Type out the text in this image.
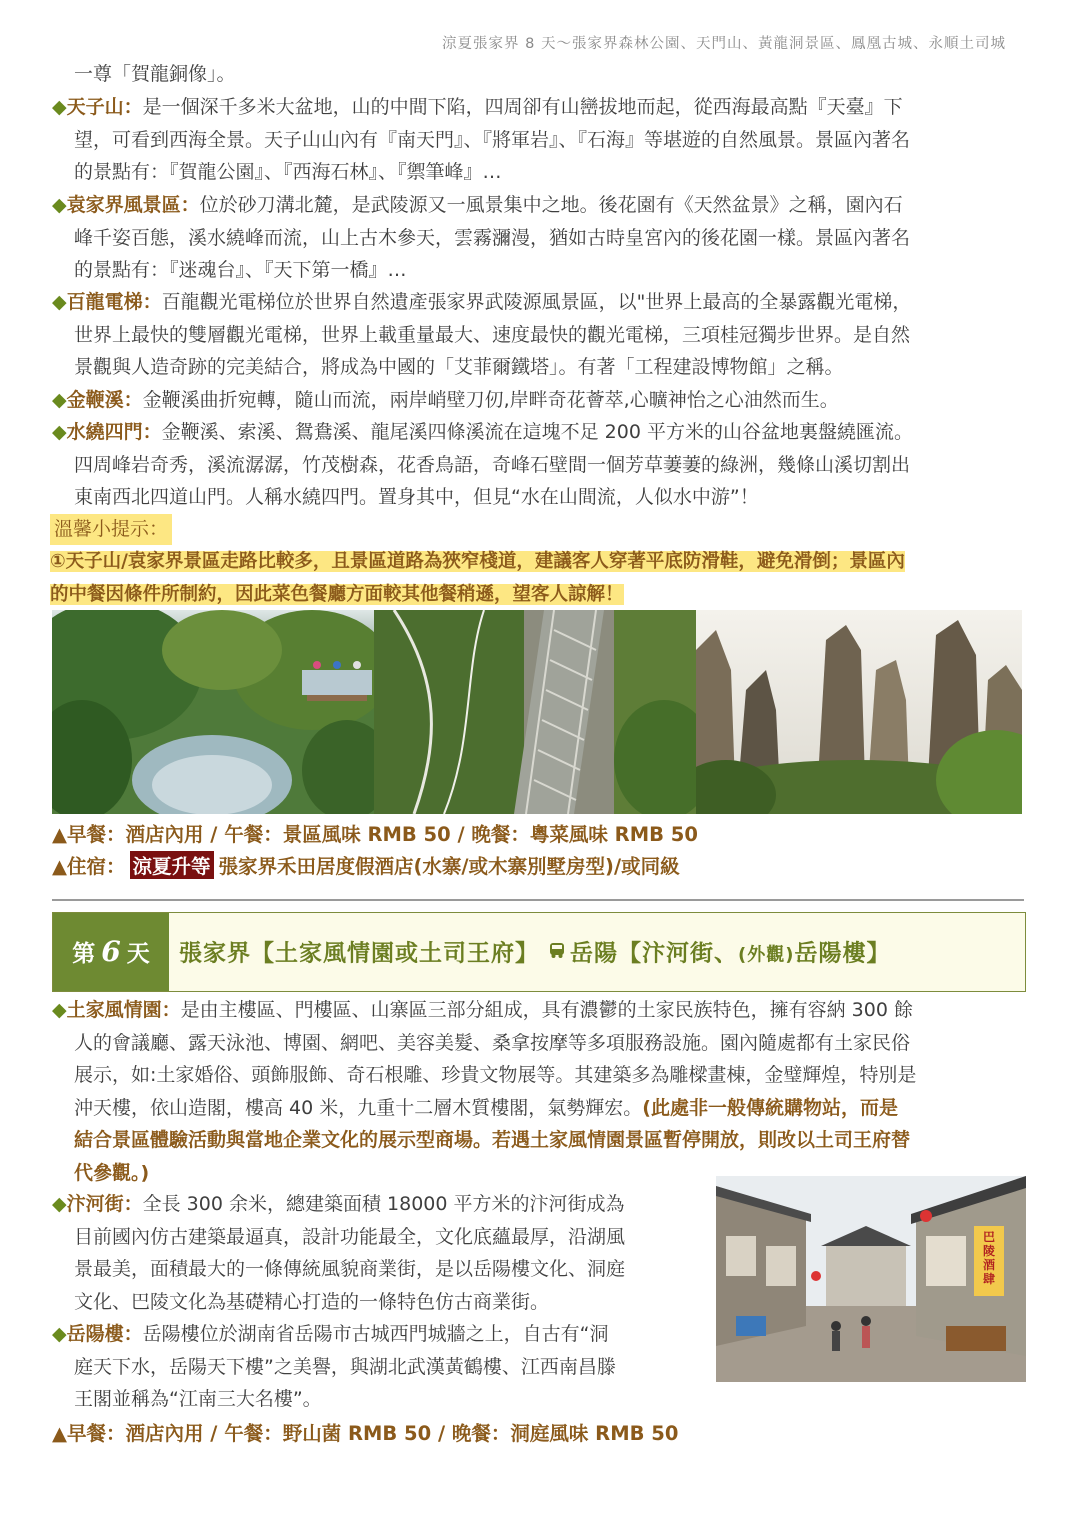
涼夏張家界 8 天～張家界森林公園、天門山、黃龍洞景區、鳳凰古城、永順土司城
一尊「賀龍銅像」。
◆天子山：是一個深千多米大盆地，山的中間下陷，四周卻有山巒拔地而起，從西海最高點『天臺』下
望，可看到西海全景。天子山山內有『南天門』、『將軍岩』、『石海』等堪遊的自然風景。景區內著名
的景點有：『賀龍公園』、『西海石林』、『禦筆峰』…
◆袁家界風景區：位於砂刀溝北麓，是武陵源又一風景集中之地。後花園有《天然盆景》之稱，園內石
峰千姿百態，溪水繞峰而流，山上古木參天，雲霧瀰漫，猶如古時皇宮內的後花園一樣。景區內著名
的景點有：『迷魂台』、『天下第一橋』…
◆百龍電梯：百龍觀光電梯位於世界自然遺產張家界武陵源風景區，以"世界上最高的全暴露觀光電梯，
世界上最快的雙層觀光電梯，世界上載重量最大、速度最快的觀光電梯，三項桂冠獨步世界。是自然
景觀與人造奇跡的完美結合，將成為中國的「艾菲爾鐵塔」。有著「工程建設博物館」之稱。
◆金鞭溪：金鞭溪曲折宛轉，隨山而流，兩岸峭壁刀仞,岸畔奇花薈萃,心曠神怡之心油然而生。
◆水繞四門：金鞭溪、索溪、鴛鴦溪、龍尾溪四條溪流在這塊不足 200 平方米的山谷盆地裏盤繞匯流。
四周峰岩奇秀，溪流潺潺，竹茂樹森，花香鳥語，奇峰石壁間一個芳草萋萋的綠洲，幾條山溪切割出
東南西北四道山門。人稱水繞四門。置身其中，但見“水在山間流，人似水中游”！
溫馨小提示：
①天子山/袁家界景區走路比較多，且景區道路為狹窄棧道，建議客人穿著平底防滑鞋，避免滑倒；景區內
的中餐因條件所制約，因此菜色餐廳方面較其他餐稍遜，望客人諒解！
▲早餐：酒店內用 / 午餐：景區風味 RMB 50 / 晚餐：粵菜風味 RMB 50
▲住宿： 涼夏升等 張家界禾田居度假酒店(水寨/或木寨別墅房型)/或同級
第 6 天	張家界【土家風情園或土司王府】 岳陽【汴河街、(外觀)岳陽樓】
◆土家風情園：是由主樓區、門樓區、山寨區三部分組成，具有濃鬱的土家民族特色，擁有容納 300 餘
人的會議廳、露天泳池、博園、網吧、美容美髮、桑拿按摩等多項服務設施。園內隨處都有土家民俗
展示，如:土家婚俗、頭飾服飾、奇石根雕、珍貴文物展等。其建築多為雕樑畫棟，金璧輝煌，特別是
沖天樓，依山造閣，樓高 40 米，九重十二層木質樓閣，氣勢輝宏。(此處非一般傳統購物站，而是
結合景區體驗活動與當地企業文化的展示型商場。若遇土家風情園景區暫停開放，則改以土司王府替
代參觀。)
◆汴河街：全長 300 余米，總建築面積 18000 平方米的汴河街成為
目前國內仿古建築最逼真，設計功能最全，文化底蘊最厚，沿湖風
景最美，面積最大的一條傳統風貌商業街，是以岳陽樓文化、洞庭
文化、巴陵文化為基礎精心打造的一條特色仿古商業街。
◆岳陽樓：岳陽樓位於湖南省岳陽市古城西門城牆之上，自古有“洞
庭天下水，岳陽天下樓”之美譽，與湖北武漢黃鶴樓、江西南昌滕
王閣並稱為“江南三大名樓”。
巴陵酒肆
▲早餐：酒店內用 / 午餐：野山菌 RMB 50 / 晚餐：洞庭風味 RMB 50
